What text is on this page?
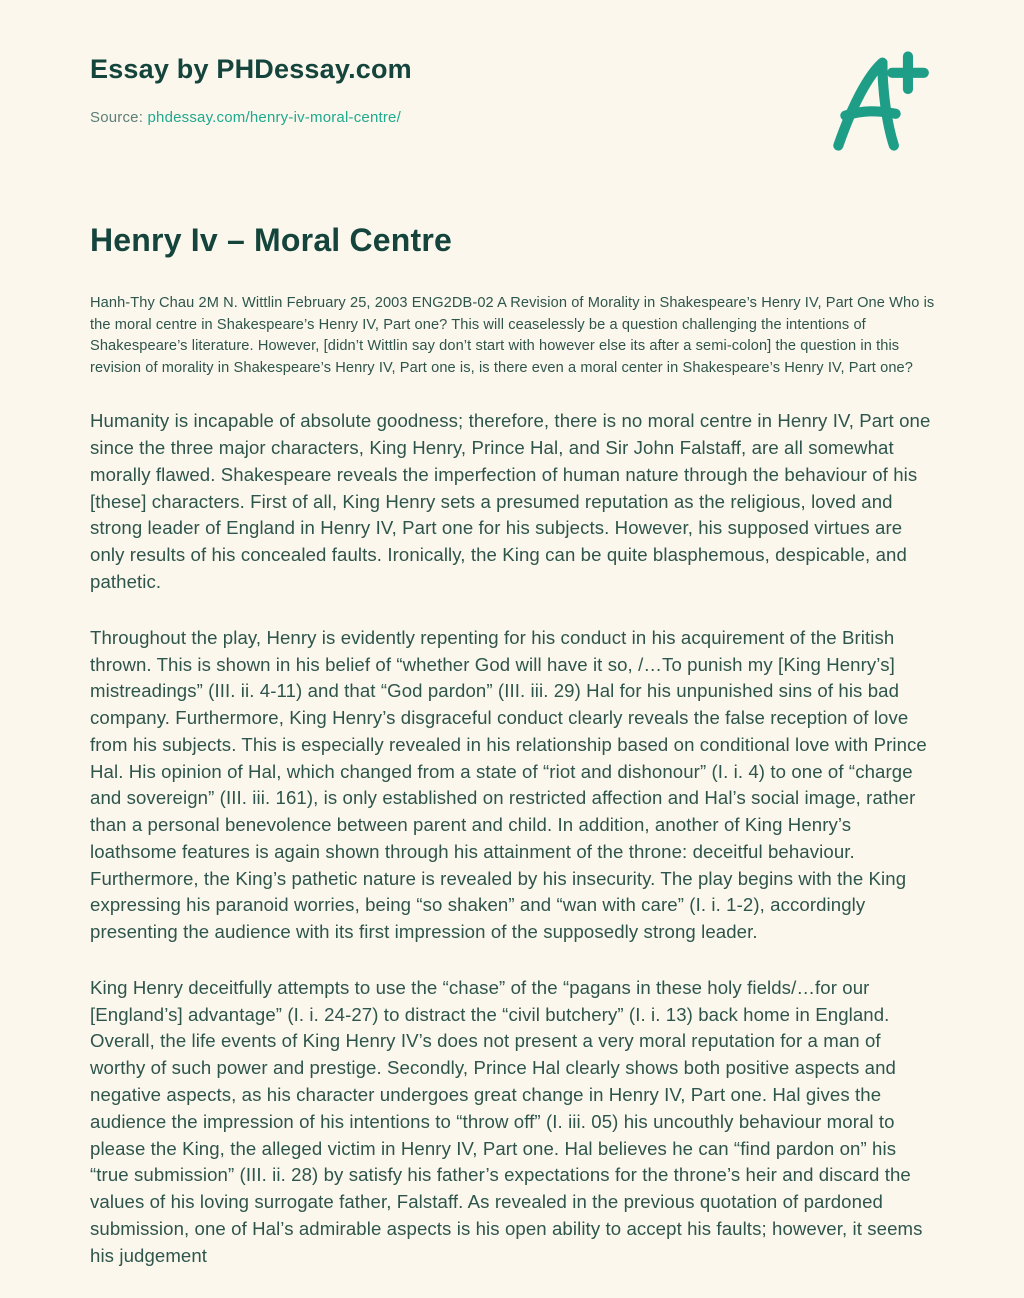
Essay by PHDessay.com

Source: phdessay.com/henry-iv-moral-centre/

Henry Iv – Moral Centre

Hanh-Thy Chau 2M N. Wittlin February 25, 2003 ENG2DB-02 A Revision of Morality in Shakespeare’s Henry IV, Part One Who is the moral centre in Shakespeare’s Henry IV, Part one? This will ceaselessly be a question challenging the intentions of Shakespeare’s literature. However, [didn’t Wittlin say don’t start with however else its after a semi-colon] the question in this revision of morality in Shakespeare’s Henry IV, Part one is, is there even a moral center in Shakespeare’s Henry IV, Part one?

Humanity is incapable of absolute goodness; therefore, there is no moral centre in Henry IV, Part one since the three major characters, King Henry, Prince Hal, and Sir John Falstaff, are all somewhat morally flawed. Shakespeare reveals the imperfection of human nature through the behaviour of his [these] characters. First of all, King Henry sets a presumed reputation as the religious, loved and strong leader of England in Henry IV, Part one for his subjects. However, his supposed virtues are only results of his concealed faults. Ironically, the King can be quite blasphemous, despicable, and pathetic.

Throughout the play, Henry is evidently repenting for his conduct in his acquirement of the British thrown. This is shown in his belief of “whether God will have it so, /…To punish my [King Henry’s] mistreadings” (III. ii. 4-11) and that “God pardon” (III. iii. 29) Hal for his unpunished sins of his bad company. Furthermore, King Henry’s disgraceful conduct clearly reveals the false reception of love from his subjects. This is especially revealed in his relationship based on conditional love with Prince Hal. His opinion of Hal, which changed from a state of “riot and dishonour” (I. i. 4) to one of “charge and sovereign” (III. iii. 161), is only established on restricted affection and Hal’s social image, rather than a personal benevolence between parent and child. In addition, another of King Henry’s loathsome features is again shown through his attainment of the throne: deceitful behaviour. Furthermore, the King’s pathetic nature is revealed by his insecurity. The play begins with the King expressing his paranoid worries, being “so shaken” and “wan with care” (I. i. 1-2), accordingly presenting the audience with its first impression of the supposedly strong leader.

King Henry deceitfully attempts to use the “chase” of the “pagans in these holy fields/…for our [England’s] advantage” (I. i. 24-27) to distract the “civil butchery” (I. i. 13) back home in England. Overall, the life events of King Henry IV’s does not present a very moral reputation for a man of worthy of such power and prestige. Secondly, Prince Hal clearly shows both positive aspects and negative aspects, as his character undergoes great change in Henry IV, Part one. Hal gives the audience the impression of his intentions to “throw off” (I. iii. 05) his uncouthly behaviour moral to please the King, the alleged victim in Henry IV, Part one. Hal believes he can “find pardon on” his “true submission” (III. ii. 28) by satisfy his father’s expectations for the throne’s heir and discard the values of his loving surrogate father, Falstaff. As revealed in the previous quotation of pardoned submission, one of Hal’s admirable aspects is his open ability to accept his faults; however, it seems his judgement
